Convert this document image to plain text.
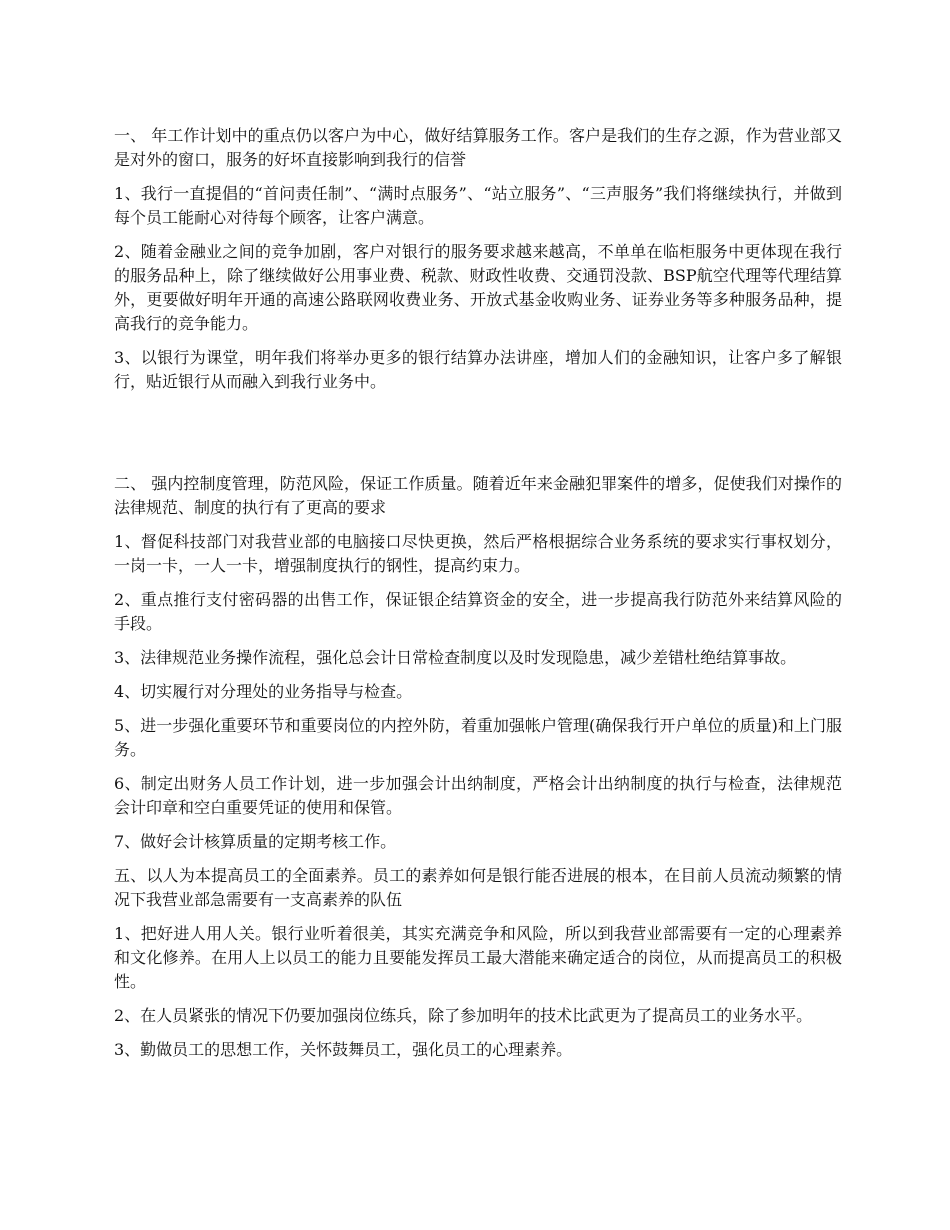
一、 年工作计划中的重点仍以客户为中心，做好结算服务工作。客户是我们的生存之源，作为营业部又是对外的窗口，服务的好坏直接影响到我行的信誉

1、我行一直提倡的“首问责任制”、“满时点服务”、“站立服务”、“三声服务”我们将继续执行，并做到每个员工能耐心对待每个顾客，让客户满意。

2、随着金融业之间的竞争加剧，客户对银行的服务要求越来越高，不单单在临柜服务中更体现在我行的服务品种上，除了继续做好公用事业费、税款、财政性收费、交通罚没款、BSP航空代理等代理结算外，更要做好明年开通的高速公路联网收费业务、开放式基金收购业务、证券业务等多种服务品种，提高我行的竞争能力。

3、以银行为课堂，明年我们将举办更多的银行结算办法讲座，增加人们的金融知识，让客户多了解银行，贴近银行从而融入到我行业务中。

二、 强内控制度管理，防范风险，保证工作质量。随着近年来金融犯罪案件的增多，促使我们对操作的法律规范、制度的执行有了更高的要求

1、督促科技部门对我营业部的电脑接口尽快更换，然后严格根据综合业务系统的要求实行事权划分，一岗一卡，一人一卡，增强制度执行的钢性，提高约束力。

2、重点推行支付密码器的出售工作，保证银企结算资金的安全，进一步提高我行防范外来结算风险的手段。

3、法律规范业务操作流程，强化总会计日常检查制度以及时发现隐患，减少差错杜绝结算事故。

4、切实履行对分理处的业务指导与检查。

5、进一步强化重要环节和重要岗位的内控外防，着重加强帐户管理(确保我行开户单位的质量)和上门服务。

6、制定出财务人员工作计划，进一步加强会计出纳制度，严格会计出纳制度的执行与检查，法律规范会计印章和空白重要凭证的使用和保管。

7、做好会计核算质量的定期考核工作。

五、以人为本提高员工的全面素养。员工的素养如何是银行能否进展的根本，在目前人员流动频繁的情况下我营业部急需要有一支高素养的队伍

1、把好进人用人关。银行业听着很美，其实充满竞争和风险，所以到我营业部需要有一定的心理素养和文化修养。在用人上以员工的能力且要能发挥员工最大潜能来确定适合的岗位，从而提高员工的积极性。

2、在人员紧张的情况下仍要加强岗位练兵，除了参加明年的技术比武更为了提高员工的业务水平。

3、勤做员工的思想工作，关怀鼓舞员工，强化员工的心理素养。
